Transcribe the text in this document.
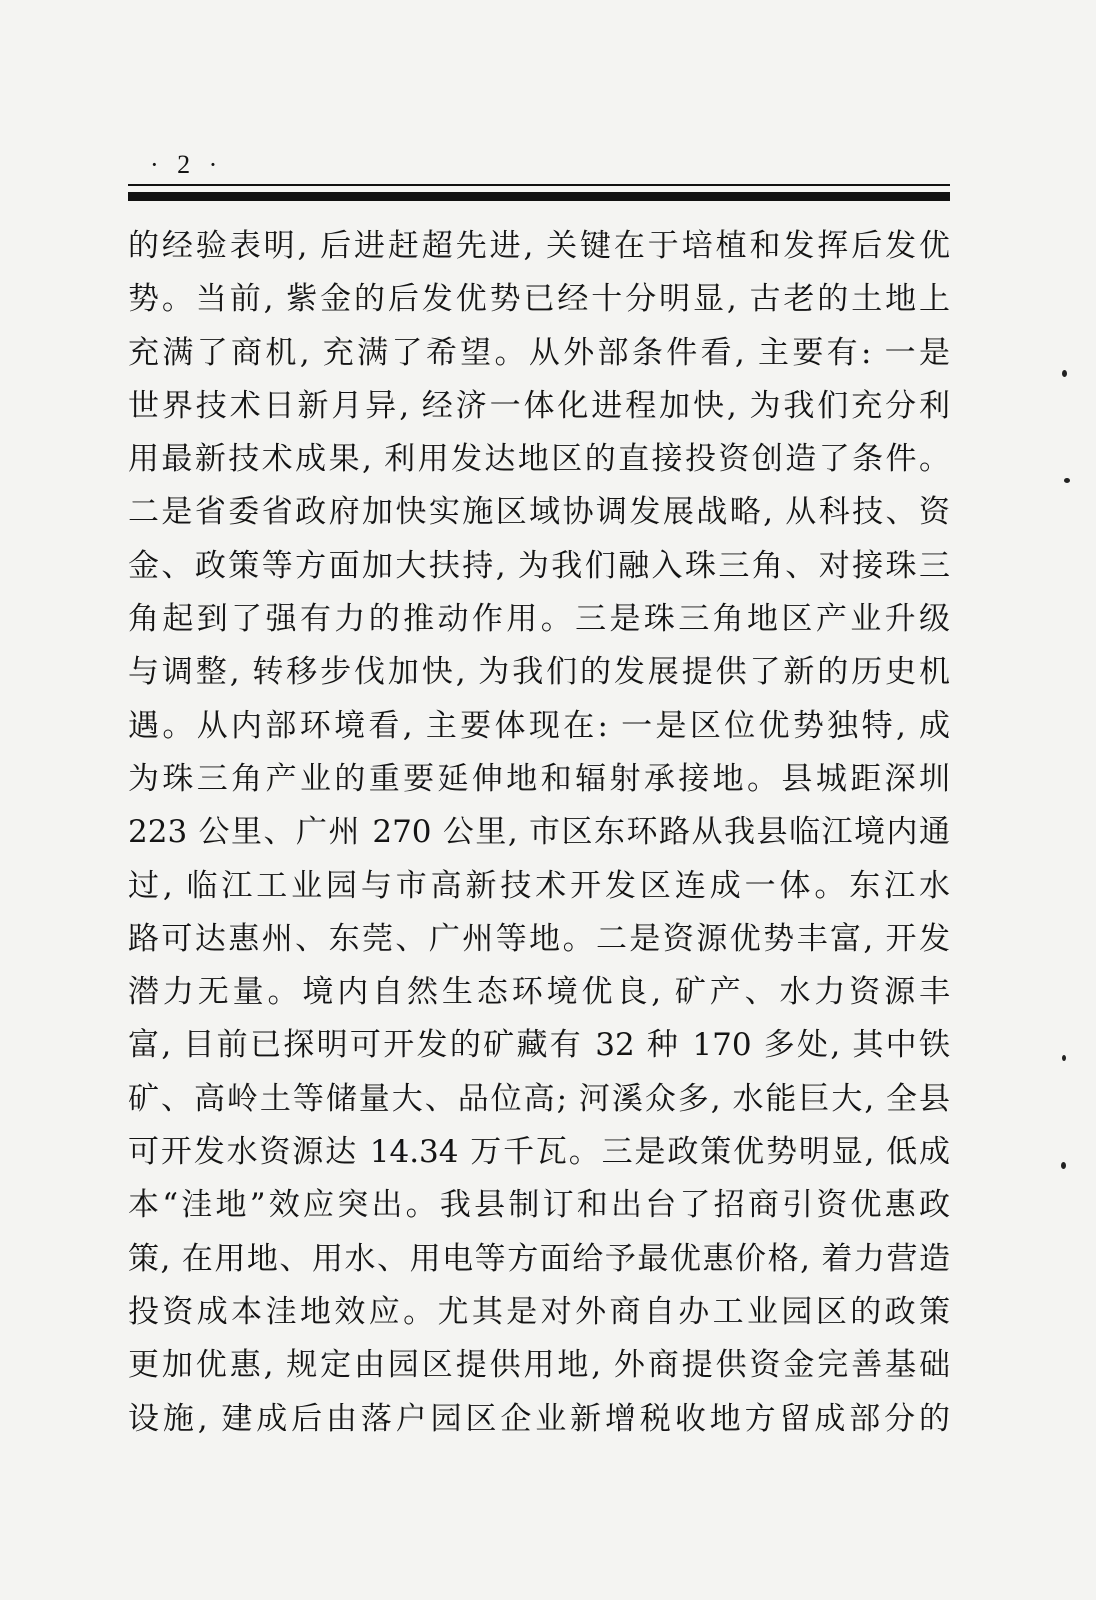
· 2 ·
的经验表明, 后进赶超先进, 关键在于培植和发挥后发优
势。当前, 紫金的后发优势已经十分明显, 古老的土地上
充满了商机, 充满了希望。从外部条件看, 主要有: 一是
世界技术日新月异, 经济一体化进程加快, 为我们充分利
用最新技术成果, 利用发达地区的直接投资创造了条件。
二是省委省政府加快实施区域协调发展战略, 从科技、资
金、政策等方面加大扶持, 为我们融入珠三角、对接珠三
角起到了强有力的推动作用。三是珠三角地区产业升级
与调整, 转移步伐加快, 为我们的发展提供了新的历史机
遇。从内部环境看, 主要体现在: 一是区位优势独特, 成
为珠三角产业的重要延伸地和辐射承接地。县城距深圳
223 公里、广州 270 公里, 市区东环路从我县临江境内通
过, 临江工业园与市高新技术开发区连成一体。东江水
路可达惠州、东莞、广州等地。二是资源优势丰富, 开发
潜力无量。境内自然生态环境优良, 矿产、水力资源丰
富, 目前已探明可开发的矿藏有 32 种 170 多处, 其中铁
矿、高岭土等储量大、品位高; 河溪众多, 水能巨大, 全县
可开发水资源达 14.34 万千瓦。三是政策优势明显, 低成
本“洼地”效应突出。我县制订和出台了招商引资优惠政
策, 在用地、用水、用电等方面给予最优惠价格, 着力营造
投资成本洼地效应。尤其是对外商自办工业园区的政策
更加优惠, 规定由园区提供用地, 外商提供资金完善基础
设施, 建成后由落户园区企业新增税收地方留成部分的
